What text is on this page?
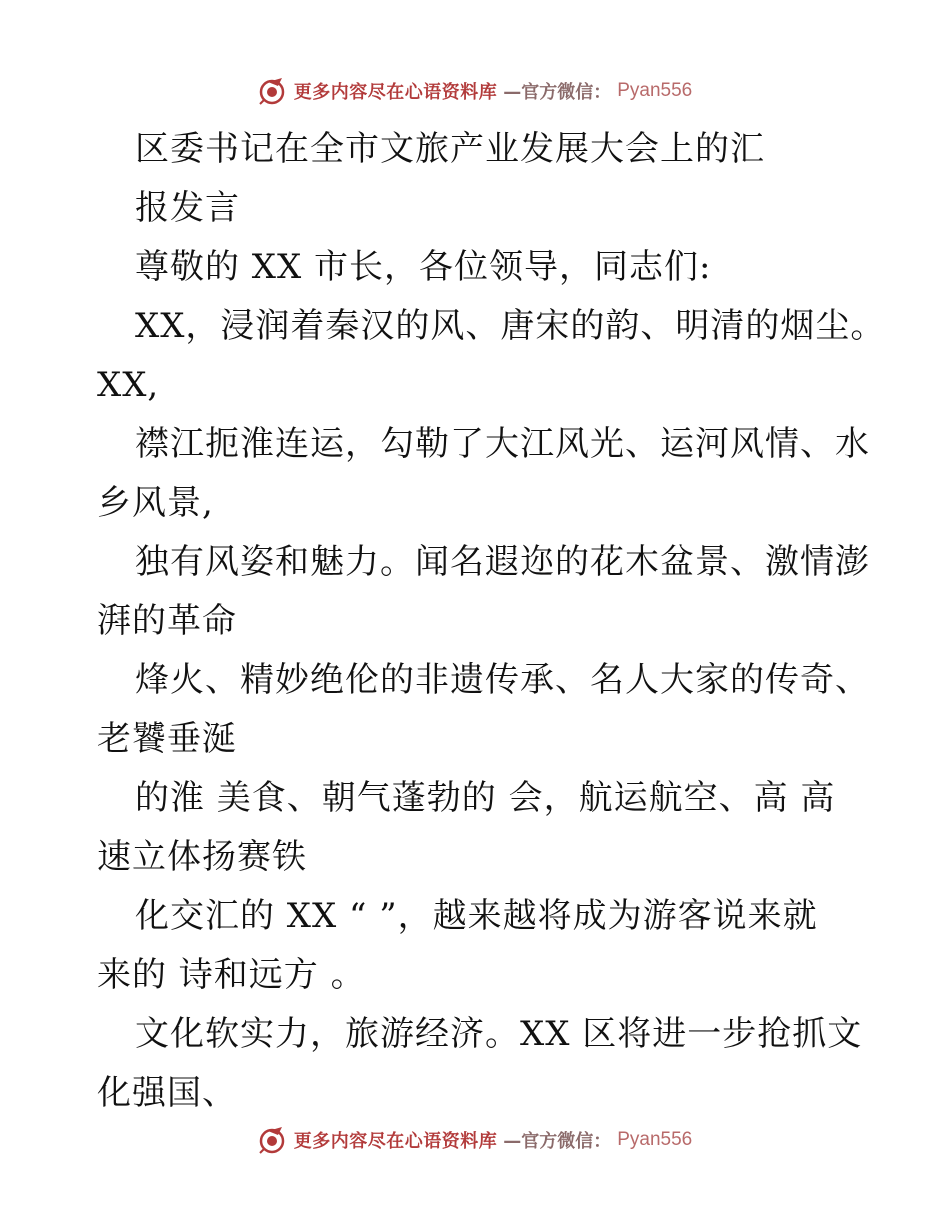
更多内容尽在心语资料库 —官方微信： Pyan556
区委书记在全市文旅产业发展大会上的汇
报发言
尊敬的 XX 市长，各位领导，同志们:
XX，浸润着秦汉的风、唐宋的韵、明清的烟尘。
XX,
襟江扼淮连运，勾勒了大江风光、运河风情、水
乡风景,
独有风姿和魅力。闻名遐迩的花木盆景、激情澎
湃的革命
烽火、精妙绝伦的非遗传承、名人大家的传奇、
老饕垂涎
的淮 美食、朝气蓬勃的 会，航运航空、高 高
速立体扬赛铁
化交汇的 XX “ ”，越来越将成为游客说来就
来的 诗和远方 。
文化软实力，旅游经济。XX 区将进一步抢抓文
化强国、
更多内容尽在心语资料库 —官方微信： Pyan556
